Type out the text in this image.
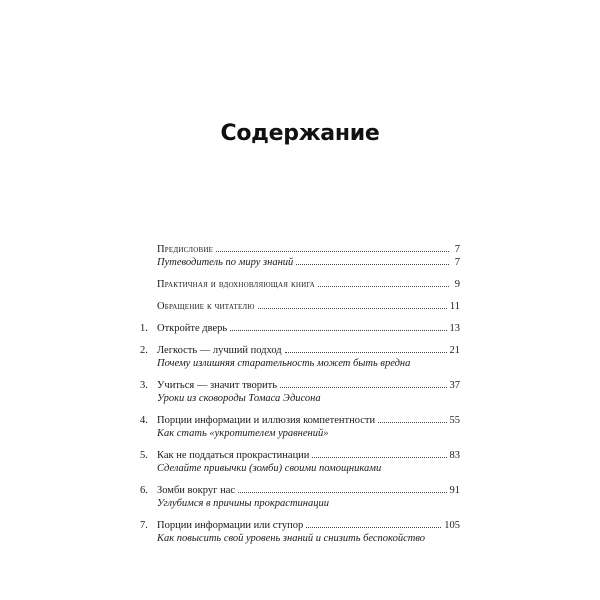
Содержание
Предисловие	7
Путеводитель по миру знаний	7
Практичная и вдохновляющая книга	9
Обращение к читателю	11
1. Откройте дверь	13
2. Легкость — лучший подход	21
Почему излишняя старательность может быть вредна
3. Учиться — значит творить	37
Уроки из сковороды Томаса Эдисона
4. Порции информации и иллюзия компетентности	55
Как стать «укротителем уравнений»
5. Как не поддаться прокрастинации	83
Сделайте привычки (зомби) своими помощниками
6. Зомби вокруг нас	91
Углубимся в причины прокрастинации
7. Порции информации или ступор	105
Как повысить свой уровень знаний и снизить беспокойство
